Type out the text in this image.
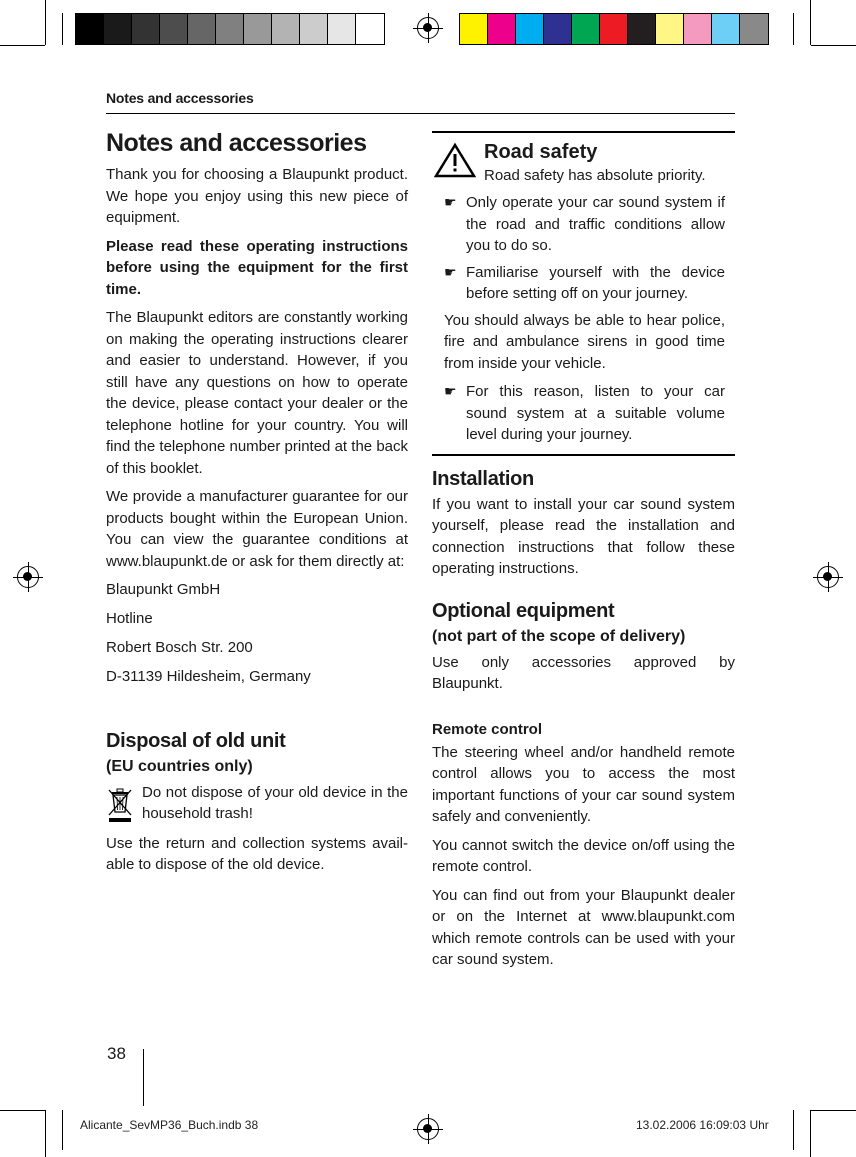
Notes and accessories
Notes and accessories

Thank you for choosing a Blaupunkt product. We hope you enjoy using this new piece of equipment.

Please read these operating instructions before using the equipment for the first time.

The Blaupunkt editors are constantly working on making the operating instructions clearer and easier to understand. However, if you still have any questions on how to operate the device, please contact your dealer or the telephone hotline for your country. You will find the telephone number printed at the back of this booklet.

We provide a manufacturer guarantee for our products bought within the European Union. You can view the guarantee conditions at www.blaupunkt.de or ask for them directly at:

Blaupunkt GmbH

Hotline

Robert Bosch Str. 200

D-31139 Hildesheim, Germany

Disposal of old unit
(EU countries only)
Do not dispose of your old device in the household trash!

Use the return and collection systems available to dispose of the old device.

Road safety
Road safety has absolute priority.
☛ Only operate your car sound system if the road and traffic conditions allow you to do so.
☛ Familiarise yourself with the device before setting off on your journey.

You should always be able to hear police, fire and ambulance sirens in good time from inside your vehicle.

☛ For this reason, listen to your car sound system at a suitable volume level during your journey.
Installation

If you want to install your car sound system yourself, please read the installation and connection instructions that follow these operating instructions.

Optional equipment
(not part of the scope of delivery)

Use only accessories approved by Blaupunkt.

Remote control

The steering wheel and/or handheld remote control allows you to access the most important functions of your car sound system safely and conveniently.

You cannot switch the device on/off using the remote control.

You can find out from your Blaupunkt dealer or on the Internet at www.blaupunkt.com which remote controls can be used with your car sound system.

38
Alicante_SevMP36_Buch.indb 38	13.02.2006 16:09:03 Uhr
